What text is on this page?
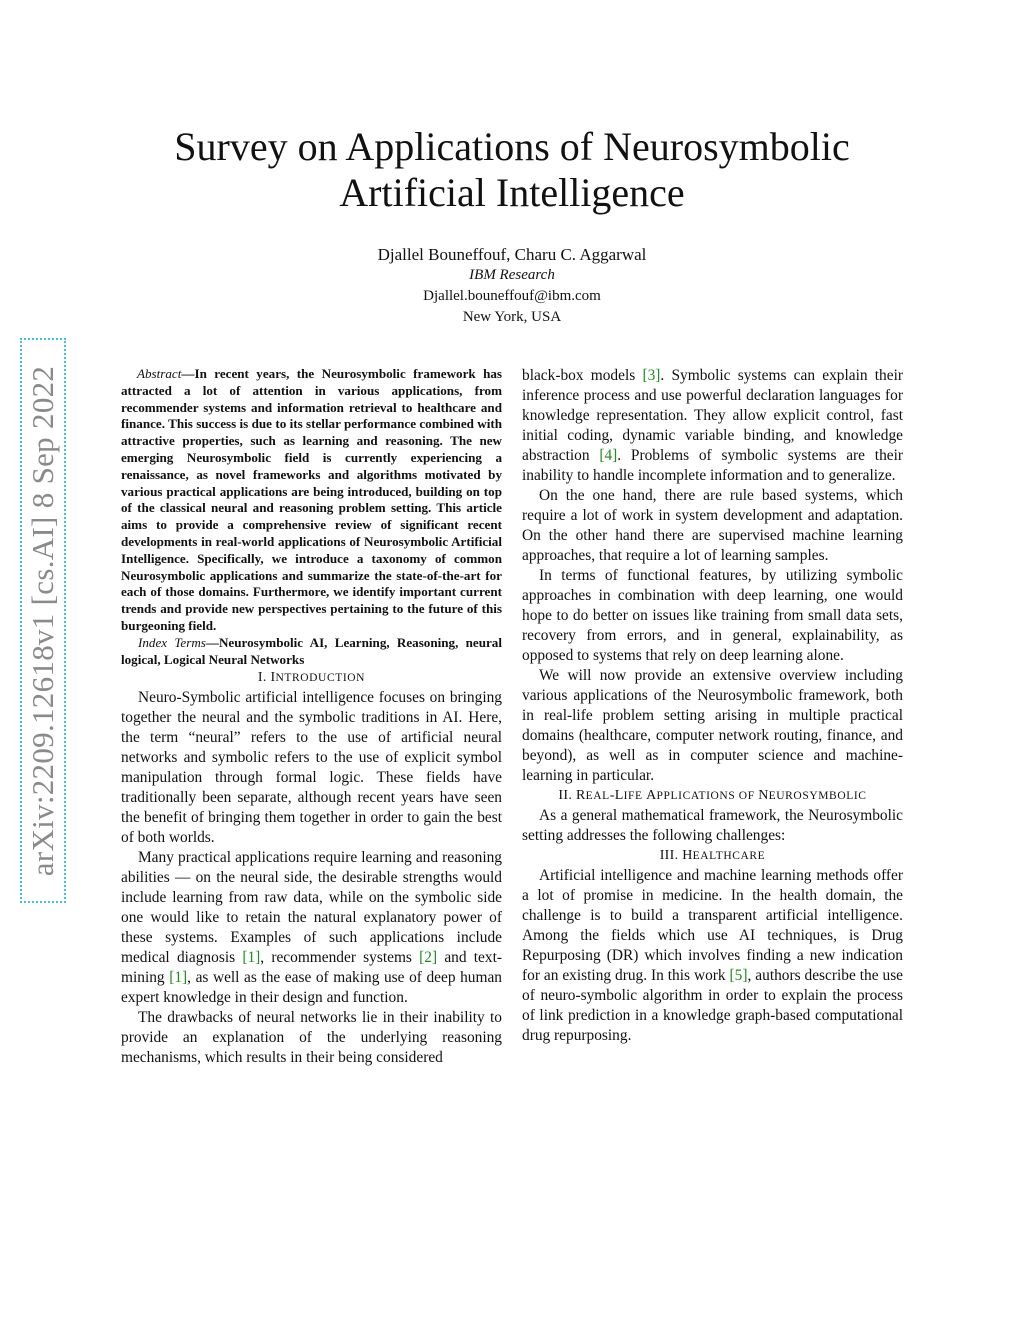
arXiv:2209.12618v1 [cs.AI] 8 Sep 2022
Survey on Applications of Neurosymbolic
Artificial Intelligence
Djallel Bouneffouf, Charu C. Aggarwal
IBM Research
Djallel.bouneffouf@ibm.com
New York, USA

Abstract—In recent years, the Neurosymbolic framework has attracted a lot of attention in various applications, from recommender systems and information retrieval to healthcare and finance. This success is due to its stellar performance combined with attractive properties, such as learning and reasoning. The new emerging Neurosymbolic field is currently experiencing a renaissance, as novel frameworks and algorithms motivated by various practical applications are being introduced, building on top of the classical neural and reasoning problem setting. This article aims to provide a comprehensive review of significant recent developments in real-world applications of Neurosymbolic Artificial Intelligence. Specifically, we introduce a taxonomy of common Neurosymbolic applications and summarize the state-of-the-art for each of those domains. Furthermore, we identify important current trends and provide new perspectives pertaining to the future of this burgeoning field.

Index Terms—Neurosymbolic AI, Learning, Reasoning, neural logical, Logical Neural Networks

I. INTRODUCTION

Neuro-Symbolic artificial intelligence focuses on bringing together the neural and the symbolic traditions in AI. Here, the term “neural” refers to the use of artificial neural networks and symbolic refers to the use of explicit symbol manipulation through formal logic. These fields have traditionally been separate, although recent years have seen the benefit of bringing them together in order to gain the best of both worlds.

Many practical applications require learning and reasoning abilities — on the neural side, the desirable strengths would include learning from raw data, while on the symbolic side one would like to retain the natural explanatory power of these systems. Examples of such applications include medical diagnosis [1], recommender systems [2] and text-mining [1], as well as the ease of making use of deep human expert knowledge in their design and function.

The drawbacks of neural networks lie in their inability to provide an explanation of the underlying reasoning mechanisms, which results in their being considered

black-box models [3]. Symbolic systems can explain their inference process and use powerful declaration languages for knowledge representation. They allow explicit control, fast initial coding, dynamic variable binding, and knowledge abstraction [4]. Problems of symbolic systems are their inability to handle incomplete information and to generalize.

On the one hand, there are rule based systems, which require a lot of work in system development and adaptation. On the other hand there are supervised machine learning approaches, that require a lot of learning samples.

In terms of functional features, by utilizing symbolic approaches in combination with deep learning, one would hope to do better on issues like training from small data sets, recovery from errors, and in general, explainability, as opposed to systems that rely on deep learning alone.

We will now provide an extensive overview including various applications of the Neurosymbolic framework, both in real-life problem setting arising in multiple practical domains (healthcare, computer network routing, finance, and beyond), as well as in computer science and machine-learning in particular.

II. REAL-LIFE APPLICATIONS OF NEUROSYMBOLIC

As a general mathematical framework, the Neurosymbolic setting addresses the following challenges:

III. HEALTHCARE

Artificial intelligence and machine learning methods offer a lot of promise in medicine. In the health domain, the challenge is to build a transparent artificial intelligence. Among the fields which use AI techniques, is Drug Repurposing (DR) which involves finding a new indication for an existing drug. In this work [5], authors describe the use of neuro-symbolic algorithm in order to explain the process of link prediction in a knowledge graph-based computational drug repurposing.
